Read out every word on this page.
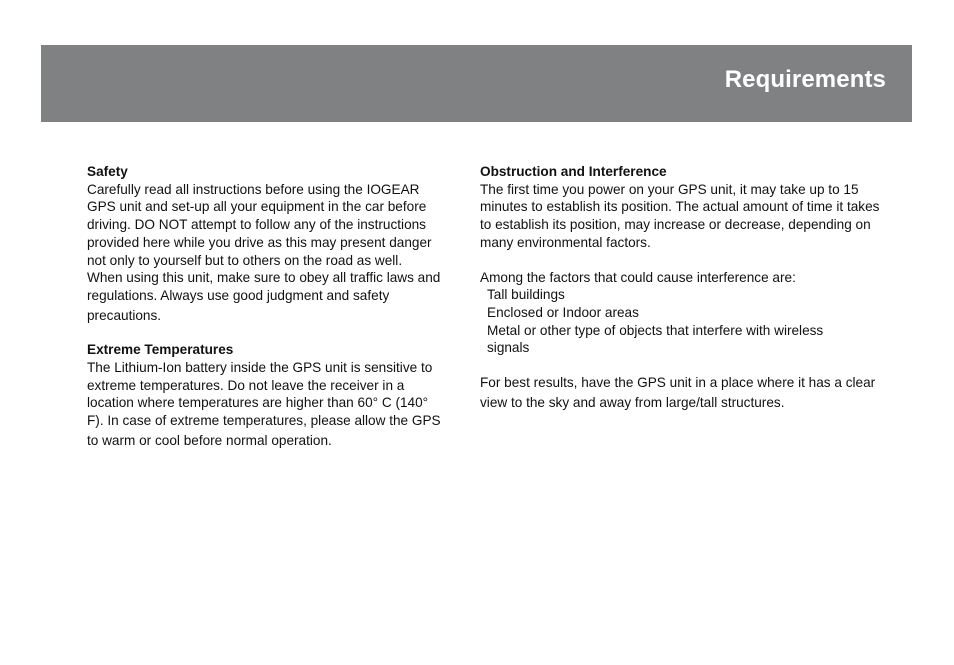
Requirements
Safety
Carefully read all instructions before using the IOGEAR
GPS unit and set-up all your equipment in the car before
driving. DO NOT attempt to follow any of the instructions
provided here while you drive as this may present danger
not only to yourself but to others on the road as well.
When using this unit, make sure to obey all traffic laws and
regulations. Always use good judgment and safety
precautions.
Extreme Temperatures
The Lithium-Ion battery inside the GPS unit is sensitive to
extreme temperatures. Do not leave the receiver in a
location where temperatures are higher than 60° C (140°
F). In case of extreme temperatures, please allow the GPS
to warm or cool before normal operation.
Obstruction and Interference
The first time you power on your GPS unit, it may take up to 15
minutes to establish its position. The actual amount of time it takes
to establish its position, may increase or decrease, depending on
many environmental factors.
Among the factors that could cause interference are:
Tall buildings
Enclosed or Indoor areas
Metal or other type of objects that interfere with wireless
signals
For best results, have the GPS unit in a place where it has a clear
view to the sky and away from large/tall structures.
